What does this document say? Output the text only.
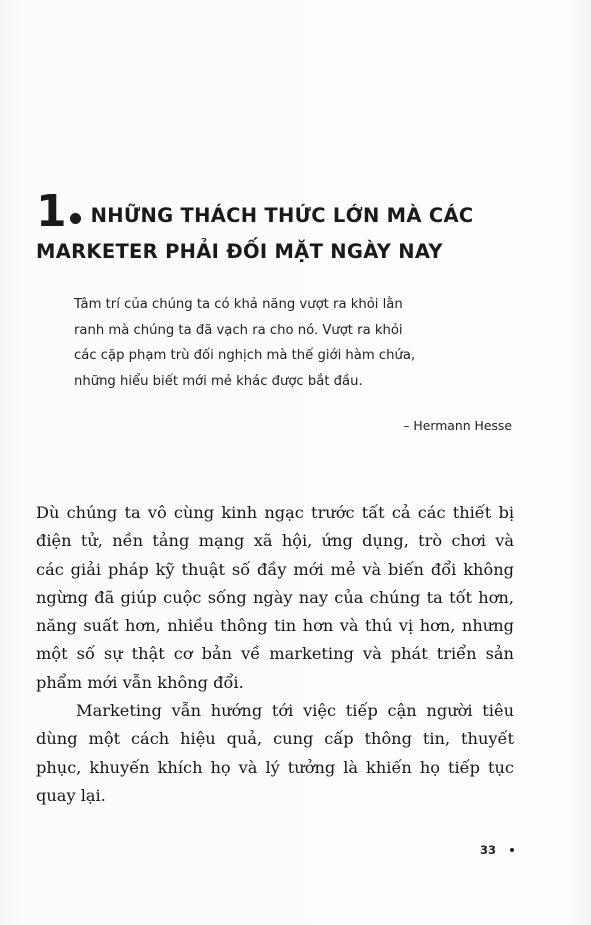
1 NHỮNG THÁCH THỨC LỚN MÀ CÁC
MARKETER PHẢI ĐỐI MẶT NGÀY NAY

Tâm trí của chúng ta có khả năng vượt ra khỏi lằn

ranh mà chúng ta đã vạch ra cho nó. Vượt ra khỏi

các cặp phạm trù đối nghịch mà thế giới hàm chứa,

những hiểu biết mới mẻ khác được bắt đầu.

– Hermann Hesse
Dù chúng ta vô cùng kinh ngạc trước tất cả các thiết bị
điện tử, nền tảng mạng xã hội, ứng dụng, trò chơi và
các giải pháp kỹ thuật số đầy mới mẻ và biến đổi không
ngừng đã giúp cuộc sống ngày nay của chúng ta tốt hơn,
năng suất hơn, nhiều thông tin hơn và thú vị hơn, nhưng
một số sự thật cơ bản về marketing và phát triển sản
phẩm mới vẫn không đổi.
Marketing vẫn hướng tới việc tiếp cận người tiêu
dùng một cách hiệu quả, cung cấp thông tin, thuyết
phục, khuyến khích họ và lý tưởng là khiến họ tiếp tục
quay lại.
33
